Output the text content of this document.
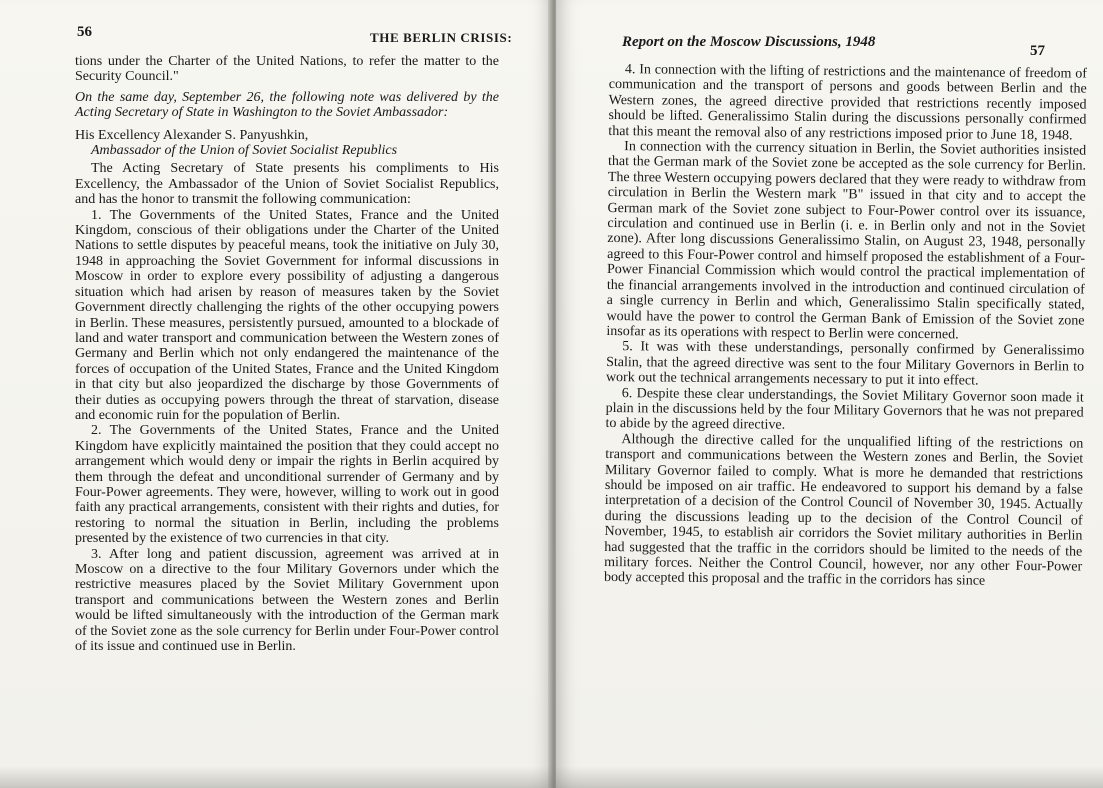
56	THE BERLIN CRISIS:

tions under the Charter of the United Nations, to refer the matter to the Security Council."

On the same day, September 26, the following note was delivered by the Acting Secretary of State in Washington to the Soviet Ambassador:

His Excellency Alexander S. Panyushkin,

Ambassador of the Union of Soviet Socialist Republics

The Acting Secretary of State presents his compliments to His Excellency, the Ambassador of the Union of Soviet Socialist Republics, and has the honor to transmit the following communication:

1. The Governments of the United States, France and the United Kingdom, conscious of their obligations under the Charter of the United Nations to settle disputes by peaceful means, took the initiative on July 30, 1948 in approaching the Soviet Government for informal discussions in Moscow in order to explore every possibility of adjusting a dangerous situation which had arisen by reason of measures taken by the Soviet Government directly challenging the rights of the other occupying powers in Berlin. These measures, persistently pursued, amounted to a blockade of land and water transport and communication between the Western zones of Germany and Berlin which not only endangered the maintenance of the forces of occupation of the United States, France and the United Kingdom in that city but also jeopardized the discharge by those Governments of their duties as occupying powers through the threat of starvation, disease and economic ruin for the population of Berlin.

2. The Governments of the United States, France and the United Kingdom have explicitly maintained the position that they could accept no arrangement which would deny or impair the rights in Berlin acquired by them through the defeat and unconditional surrender of Germany and by Four-Power agreements. They were, however, willing to work out in good faith any practical arrangements, consistent with their rights and duties, for restoring to normal the situation in Berlin, including the problems presented by the existence of two currencies in that city.

3. After long and patient discussion, agreement was arrived at in Moscow on a directive to the four Military Governors under which the restrictive measures placed by the Soviet Military Government upon transport and communications between the Western zones and Berlin would be lifted simultaneously with the introduction of the German mark of the Soviet zone as the sole currency for Berlin under Four-Power control of its issue and continued use in Berlin.

Report on the Moscow Discussions, 1948
57

4. In connection with the lifting of restrictions and the maintenance of freedom of communication and the transport of persons and goods between Berlin and the Western zones, the agreed directive provided that restrictions recently imposed should be lifted. Generalissimo Stalin during the discussions personally confirmed that this meant the removal also of any restrictions imposed prior to June 18, 1948.

In connection with the currency situation in Berlin, the Soviet authorities insisted that the German mark of the Soviet zone be accepted as the sole currency for Berlin. The three Western occupying powers declared that they were ready to withdraw from circulation in Berlin the Western mark "B" issued in that city and to accept the German mark of the Soviet zone subject to Four-Power control over its issuance, circulation and continued use in Berlin (i. e. in Berlin only and not in the Soviet zone). After long discussions Generalissimo Stalin, on August 23, 1948, personally agreed to this Four-Power control and himself proposed the establishment of a Four-Power Financial Commission which would control the practical implementation of the financial arrangements involved in the introduction and continued circulation of a single currency in Berlin and which, Generalissimo Stalin specifically stated, would have the power to control the German Bank of Emission of the Soviet zone insofar as its operations with respect to Berlin were concerned.

5. It was with these understandings, personally confirmed by Generalissimo Stalin, that the agreed directive was sent to the four Military Governors in Berlin to work out the technical arrangements necessary to put it into effect.

6. Despite these clear understandings, the Soviet Military Governor soon made it plain in the discussions held by the four Military Governors that he was not prepared to abide by the agreed directive.

Although the directive called for the unqualified lifting of the restrictions on transport and communications between the Western zones and Berlin, the Soviet Military Governor failed to comply. What is more he demanded that restrictions should be imposed on air traffic. He endeavored to support his demand by a false interpretation of a decision of the Control Council of November 30, 1945. Actually during the discussions leading up to the decision of the Control Council of November, 1945, to establish air corridors the Soviet military authorities in Berlin had suggested that the traffic in the corridors should be limited to the needs of the military forces. Neither the Control Council, however, nor any other Four-Power body accepted this proposal and the traffic in the corridors has since
